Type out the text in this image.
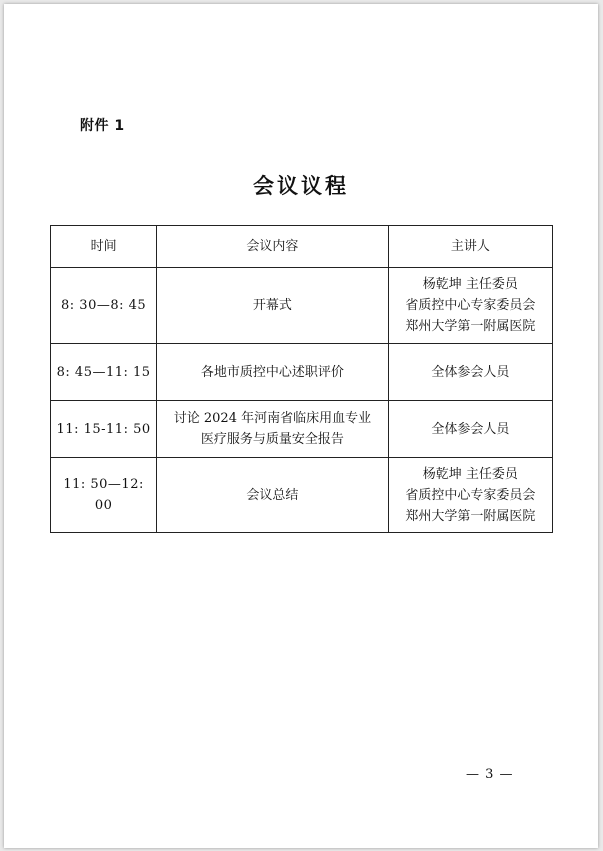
附件 1
会议议程
时间	会议内容	主讲人
8: 30—8: 45	开幕式	杨乾坤 主任委员
省质控中心专家委员会
郑州大学第一附属医院

8: 45—11: 15	各地市质控中心述职评价	全体参会人员

11: 15-11: 50	讨论 2024 年河南省临床用血专业
医疗服务与质量安全报告	全体参会人员

11: 50—12: 00	会议总结	杨乾坤 主任委员
省质控中心专家委员会
郑州大学第一附属医院
— 3 —
